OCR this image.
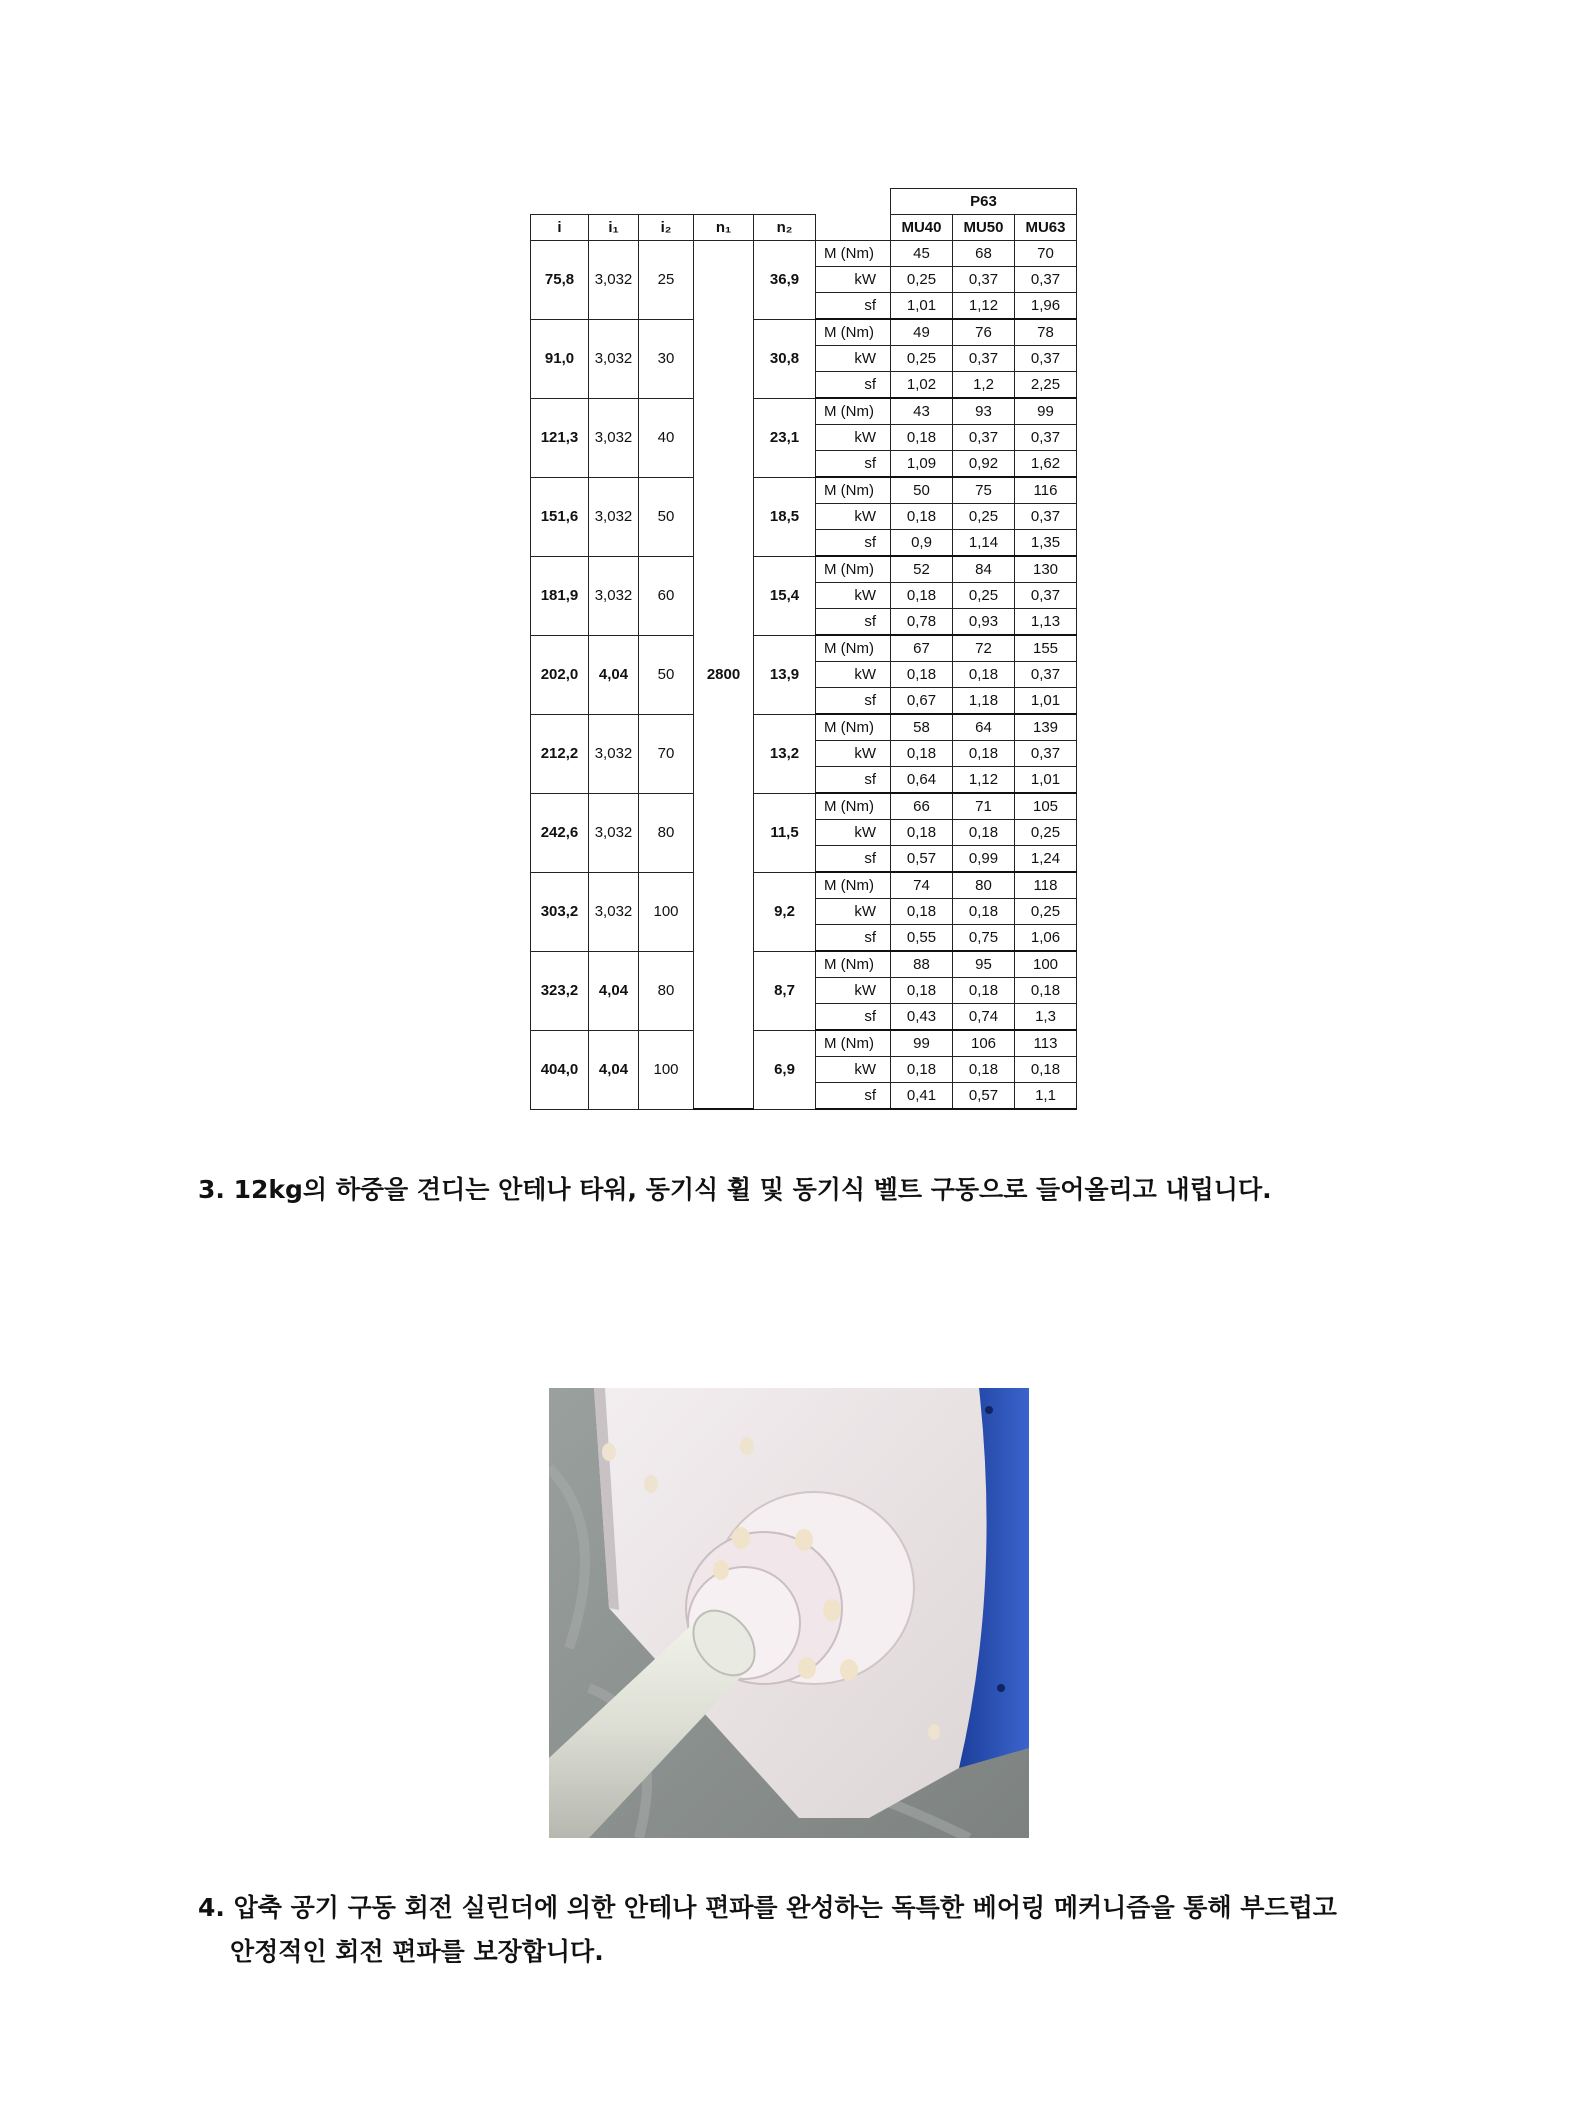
						P63		
i	i₁	i₂	n₁	n₂		MU40	MU50	MU63
75,8	3,032	25	2800	36,9	M (Nm)	45	68	70
					kW	0,25	0,37	0,37
					sf	1,01	1,12	1,96
91,0	3,032	30		30,8	M (Nm)	49	76	78
					kW	0,25	0,37	0,37
					sf	1,02	1,2	2,25
121,3	3,032	40		23,1	M (Nm)	43	93	99
					kW	0,18	0,37	0,37
					sf	1,09	0,92	1,62
151,6	3,032	50		18,5	M (Nm)	50	75	116
					kW	0,18	0,25	0,37
					sf	0,9	1,14	1,35
181,9	3,032	60		15,4	M (Nm)	52	84	130
					kW	0,18	0,25	0,37
					sf	0,78	0,93	1,13
202,0	4,04	50		13,9	M (Nm)	67	72	155
					kW	0,18	0,18	0,37
					sf	0,67	1,18	1,01
212,2	3,032	70		13,2	M (Nm)	58	64	139
					kW	0,18	0,18	0,37
					sf	0,64	1,12	1,01
242,6	3,032	80		11,5	M (Nm)	66	71	105
					kW	0,18	0,18	0,25
					sf	0,57	0,99	1,24
303,2	3,032	100		9,2	M (Nm)	74	80	118
					kW	0,18	0,18	0,25
					sf	0,55	0,75	1,06
323,2	4,04	80		8,7	M (Nm)	88	95	100
					kW	0,18	0,18	0,18
					sf	0,43	0,74	1,3
404,0	4,04	100		6,9	M (Nm)	99	106	113
					kW	0,18	0,18	0,18
					sf	0,41	0,57	1,1
3. 12kg의 하중을 견디는 안테나 타워, 동기식 휠 및 동기식 벨트 구동으로 들어올리고 내립니다.
4. 압축 공기 구동 회전 실린더에 의한 안테나 편파를 완성하는 독특한 베어링 메커니즘을 통해 부드럽고
안정적인 회전 편파를 보장합니다.
